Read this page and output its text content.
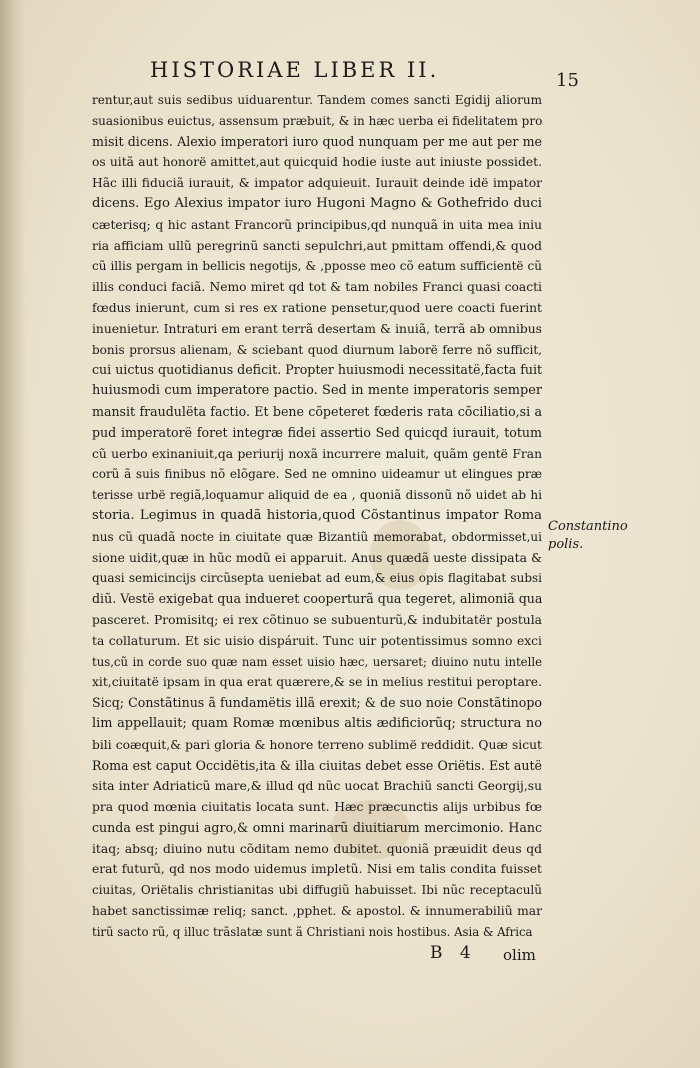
HISTORIAE LIBER II.	15
rentur,aut suis sedibus uiduarentur. Tandem comes sancti Egidij aliorum
suasionibus euictus, assensum præbuit, & in hæc uerba ei fidelitatem pro
misit dicens. Alexio imperatori iuro quod nunquam per me aut per me
os uitã aut honorë amittet,aut quicquid hodie iuste aut iniuste possidet.
Hãc illi fiduciã iurauit, & impator adquieuit. Iurauit deinde idë impator
dicens. Ego Alexius impator iuro Hugoni Magno & Gothefrido duci
cæterisq; q hic astant Francorũ principibus,qd nunquã in uita mea iniu
ria afficiam ullũ peregrinũ sancti sepulchri,aut pmittam offendi,& quod
cũ illis pergam in bellicis negotijs, & ,pposse meo cõ eatum sufficientë cũ
illis conduci faciã. Nemo miret qd tot & tam nobiles Franci quasi coacti
fœdus inierunt, cum si res ex ratione pensetur,quod uere coacti fuerint
inuenietur. Intraturi em erant terrã desertam & inuiã, terrã ab omnibus
bonis prorsus alienam, & sciebant quod diurnum laborë ferre nõ sufficit,
cui uictus quotidianus deficit. Propter huiusmodi necessitatë,facta fuit
huiusmodi cum imperatore pactio. Sed in mente imperatoris semper
mansit fraudulëta factio. Et bene cõpeteret fœderis rata cõciliatio,si a
pud imperatorë foret integræ fidei assertio Sed quicqd iurauit, totum
cũ uerbo exinaniuit,qa periurij noxã incurrere maluit, quãm gentë Fran
corũ ã suis finibus nõ elõgare. Sed ne omnino uideamur ut elingues præ
terisse urbë regiã,loquamur aliquid de ea , quoniã dissonũ nõ uidet ab hi
storia. Legimus in quadã historia,quod Cõstantinus impator Roma
nus cũ quadã nocte in ciuitate quæ Bizantiũ memorabat, obdormisset,ui
sione uidit,quæ in hũc modũ ei apparuit. Anus quædã ueste dissipata &
quasi semicincijs circũsepta ueniebat ad eum,& eius opis flagitabat subsi
diũ. Vestë exigebat qua indueret cooperturã qua tegeret, alimoniã qua
pasceret. Promisitq; ei rex cõtinuo se subuenturũ,& indubitatër postula
ta collaturum. Et sic uisio dispáruit. Tunc uir potentissimus somno exci
tus,cũ in corde suo quæ nam esset uisio hæc, uersaret; diuino nutu intelle
xit,ciuitatë ipsam in qua erat quærere,& se in melius restitui peroptare.
Sicq; Constãtinus ã fundamëtis illã erexit; & de suo noie Constãtinopo
lim appellauit; quam Romæ mœnibus altis ædificiorũq; structura no
bili coæquit,& pari gloria & honore terreno sublimë reddidit. Quæ sicut
Roma est caput Occidëtis,ita & illa ciuitas debet esse Oriëtis. Est autë
sita inter Adriaticũ mare,& illud qd nũc uocat Brachiũ sancti Georgij,su
pra quod mœnia ciuitatis locata sunt. Hæc præcunctis alijs urbibus fœ
cunda est pingui agro,& omni marinarũ diuitiarum mercimonio. Hanc
itaq; absq; diuino nutu cõditam nemo dubitet. quoniã præuidit deus qd
erat futurũ, qd nos modo uidemus impletũ. Nisi em talis condita fuisset
ciuitas, Oriëtalis christianitas ubi diffugiũ habuisset. Ibi nũc receptaculũ
habet sanctissimæ reliq; sanct. ,pphet. & apostol. & innumerabiliũ mar
tirũ sacto rũ, q illuc trãslatæ sunt ã Christiani nois hostibus. Asia & Africa
Constantino
polis.
B 4 olim
